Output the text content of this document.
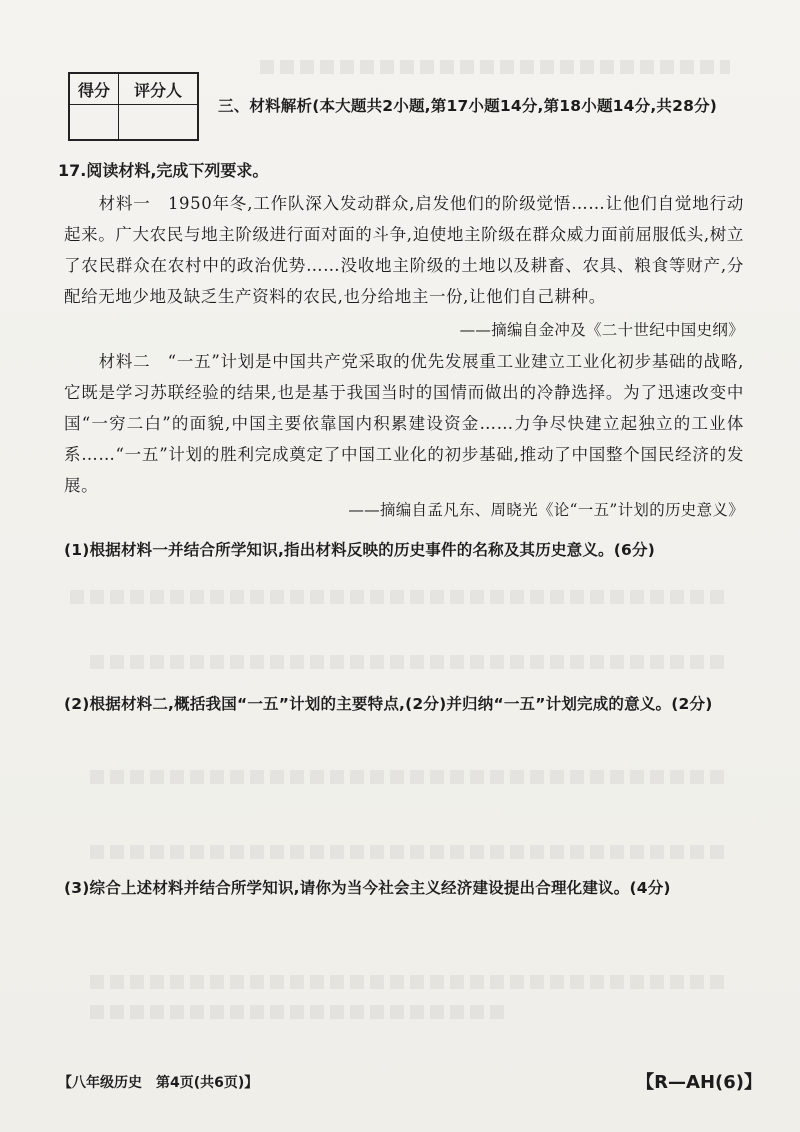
得分	评分人

三、材料解析(本大题共2小题,第17小题14分,第18小题14分,共28分)
17.阅读材料,完成下列要求。
材料一　1950年冬,工作队深入发动群众,启发他们的阶级觉悟……让他们自觉地行动起来。广大农民与地主阶级进行面对面的斗争,迫使地主阶级在群众威力面前屈服低头,树立了农民群众在农村中的政治优势……没收地主阶级的土地以及耕畜、农具、粮食等财产,分配给无地少地及缺乏生产资料的农民,也分给地主一份,让他们自己耕种。
——摘编自金冲及《二十世纪中国史纲》
材料二　“一五”计划是中国共产党采取的优先发展重工业建立工业化初步基础的战略,它既是学习苏联经验的结果,也是基于我国当时的国情而做出的冷静选择。为了迅速改变中国“一穷二白”的面貌,中国主要依靠国内积累建设资金……力争尽快建立起独立的工业体系……“一五”计划的胜利完成奠定了中国工业化的初步基础,推动了中国整个国民经济的发展。
——摘编自孟凡东、周晓光《论“一五”计划的历史意义》
(1)根据材料一并结合所学知识,指出材料反映的历史事件的名称及其历史意义。(6分)
(2)根据材料二,概括我国“一五”计划的主要特点,(2分)并归纳“一五”计划完成的意义。(2分)
(3)综合上述材料并结合所学知识,请你为当今社会主义经济建设提出合理化建议。(4分)
【八年级历史　第4页(共6页)】	【R—AH(6)】
